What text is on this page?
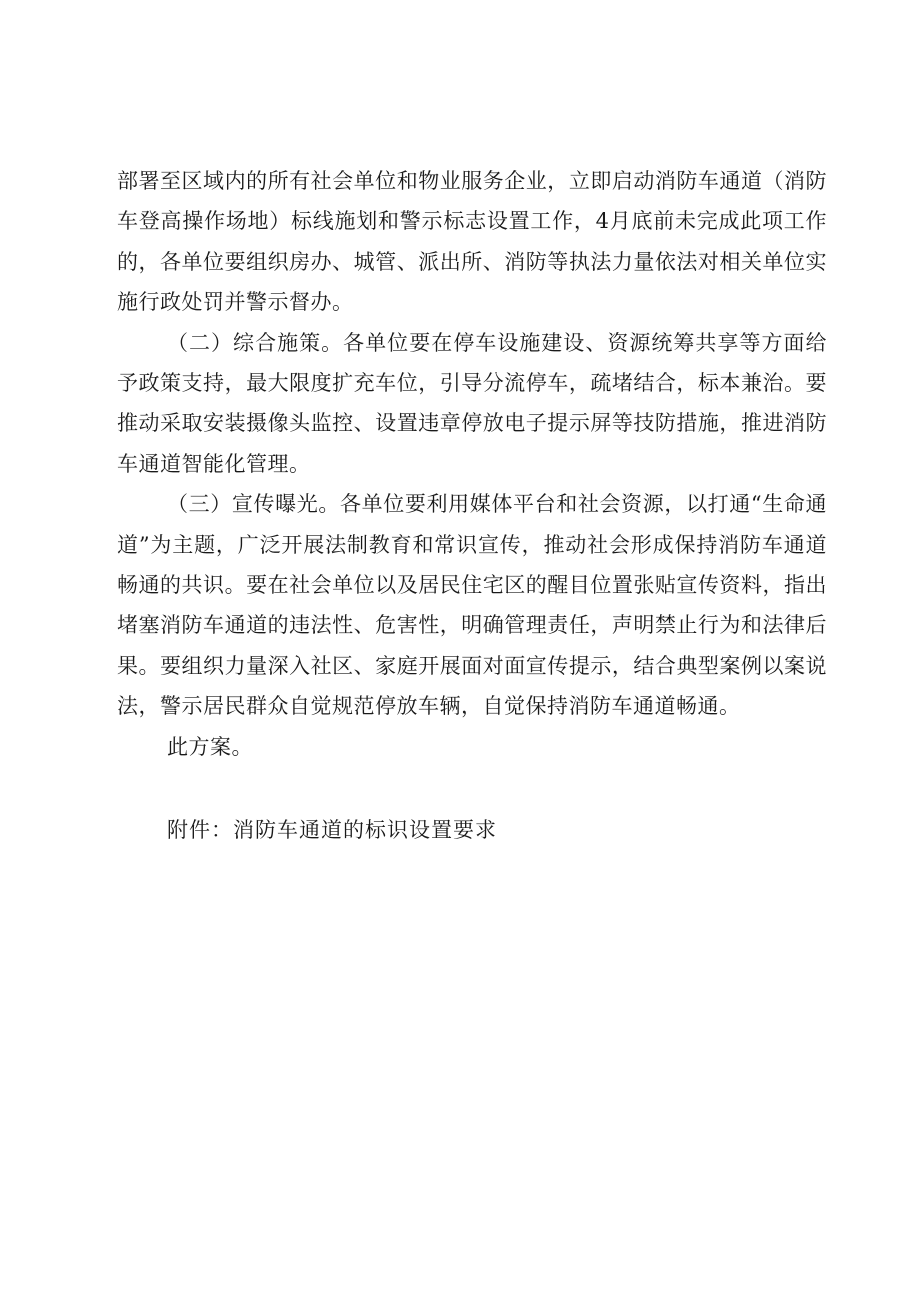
部署至区域内的所有社会单位和物业服务企业，立即启动消防车通道（消防车登高操作场地）标线施划和警示标志设置工作，4月底前未完成此项工作的，各单位要组织房办、城管、派出所、消防等执法力量依法对相关单位实施行政处罚并警示督办。

（二）综合施策。各单位要在停车设施建设、资源统筹共享等方面给予政策支持，最大限度扩充车位，引导分流停车，疏堵结合，标本兼治。要推动采取安装摄像头监控、设置违章停放电子提示屏等技防措施，推进消防车通道智能化管理。

（三）宣传曝光。各单位要利用媒体平台和社会资源，以打通“生命通道”为主题，广泛开展法制教育和常识宣传，推动社会形成保持消防车通道畅通的共识。要在社会单位以及居民住宅区的醒目位置张贴宣传资料，指出堵塞消防车通道的违法性、危害性，明确管理责任，声明禁止行为和法律后果。要组织力量深入社区、家庭开展面对面宣传提示，结合典型案例以案说法，警示居民群众自觉规范停放车辆，自觉保持消防车通道畅通。

此方案。

附件：消防车通道的标识设置要求
